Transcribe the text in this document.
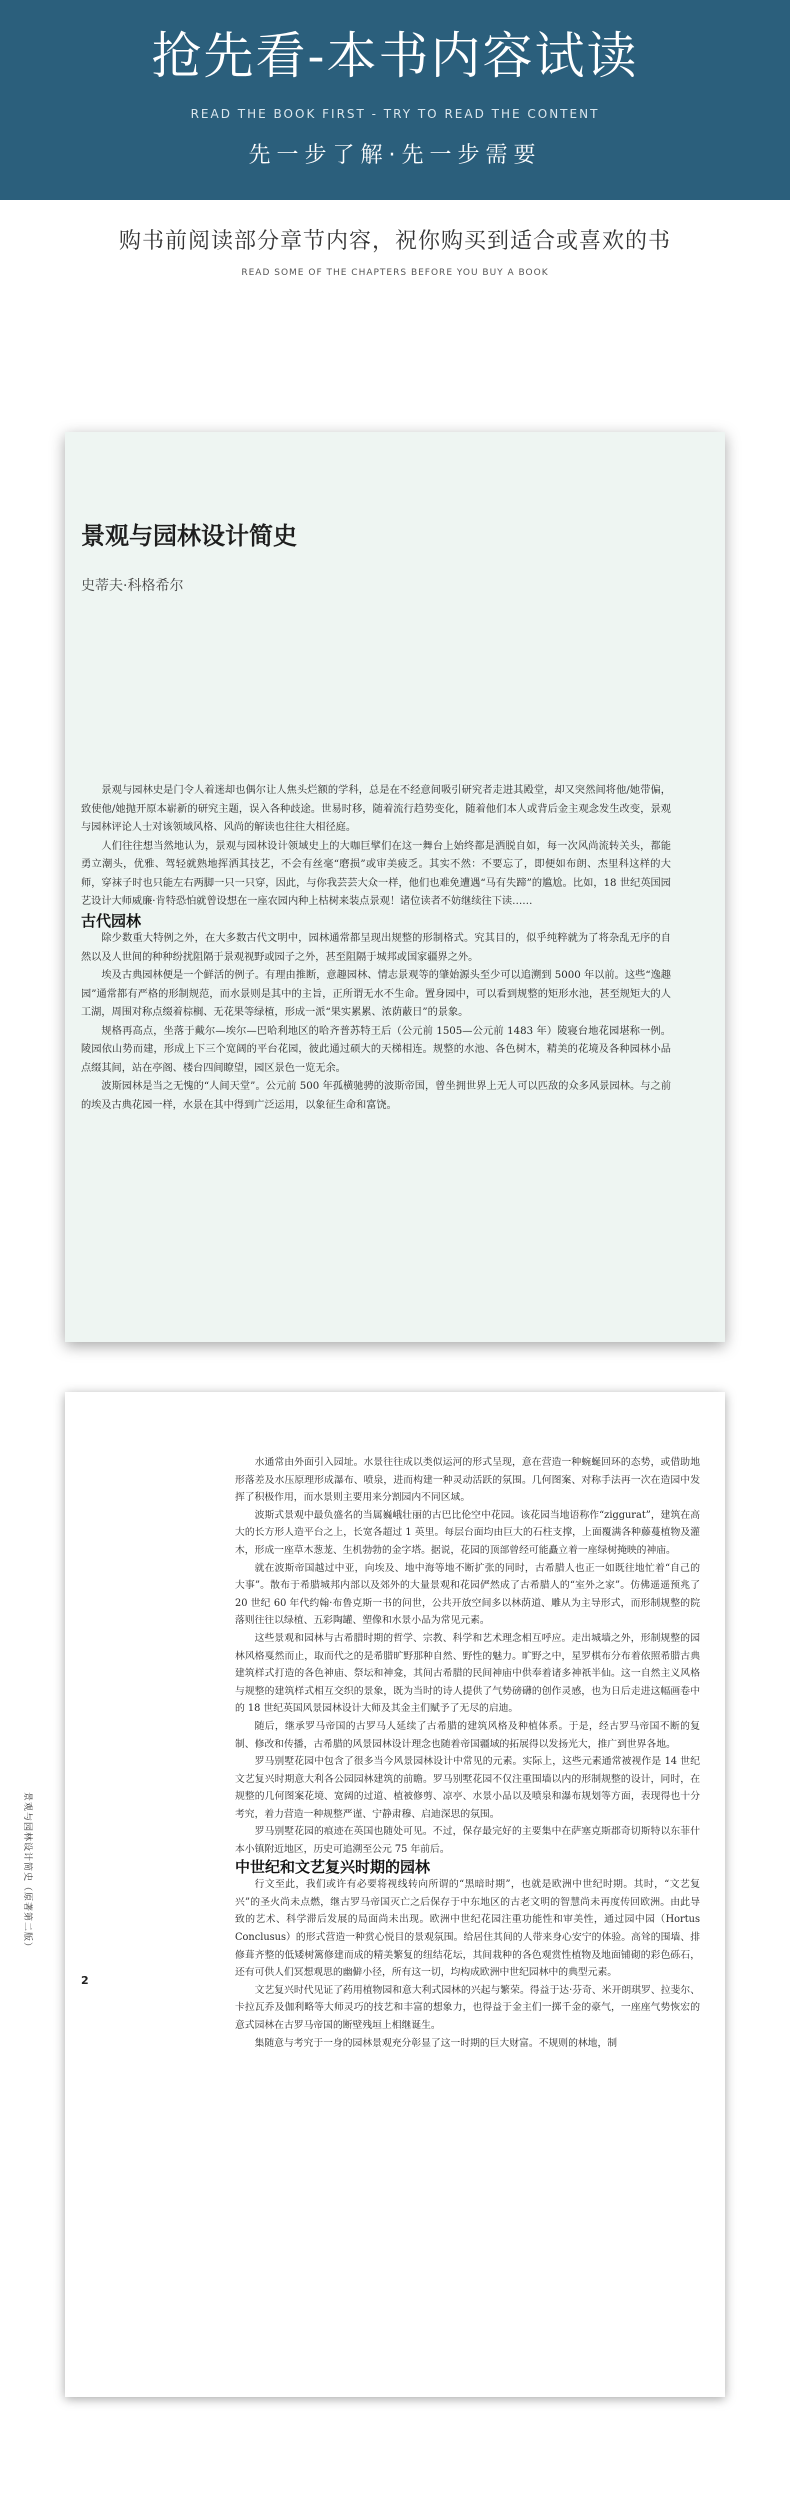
抢先看-本书内容试读
READ THE BOOK FIRST - TRY TO READ THE CONTENT
先一步了解·先一步需要
购书前阅读部分章节内容，祝你购买到适合或喜欢的书
READ SOME OF THE CHAPTERS BEFORE YOU BUY A BOOK
景观与园林设计简史
史蒂夫·科格希尔

景观与园林史是门令人着迷却也偶尔让人焦头烂额的学科，总是在不经意间吸引研究者走进其殿堂，却又突然间将他/她带偏，致使他/她抛开原本崭新的研究主题，误入各种歧途。世易时移，随着流行趋势变化，随着他们本人或背后金主观念发生改变，景观与园林评论人士对该领域风格、风尚的解读也往往大相径庭。

人们往往想当然地认为，景观与园林设计领域史上的大咖巨擘们在这一舞台上始终都是洒脱自如，每一次风尚流转关头，都能勇立潮头，优雅、驾轻就熟地挥洒其技艺，不会有丝毫“磨损”或审美疲乏。其实不然：不要忘了，即便如布朗、杰里科这样的大师，穿袜子时也只能左右两脚一只一只穿，因此，与你我芸芸大众一样，他们也难免遭遇“马有失蹄”的尴尬。比如，18 世纪英国园艺设计大师威廉·肯特恐怕就曾设想在一座农园内种上枯树来装点景观！诸位读者不妨继续往下读……

古代园林

除少数重大特例之外，在大多数古代文明中，园林通常都呈现出规整的形制格式。究其目的，似乎纯粹就为了将杂乱无序的自然以及人世间的种种纷扰阻隔于景观视野或园子之外，甚至阻隔于城邦或国家疆界之外。

埃及古典园林便是一个鲜活的例子。有理由推断，意趣园林、情志景观等的肇始源头至少可以追溯到 5000 年以前。这些“逸趣园”通常都有严格的形制规范，而水景则是其中的主旨，正所谓无水不生命。置身园中，可以看到规整的矩形水池，甚至规矩大的人工湖，周围对称点缀着棕榈、无花果等绿植，形成一派“果实累累、浓荫蔽日”的景象。

规格再高点，坐落于戴尔—埃尔—巴哈利地区的哈齐普苏特王后（公元前 1505—公元前 1483 年）陵寝台地花园堪称一例。陵园依山势而建，形成上下三个宽阔的平台花园，彼此通过硕大的天梯相连。规整的水池、各色树木，精美的花境及各种园林小品点缀其间，站在亭阁、楼台四间瞭望，园区景色一览无余。

波斯园林是当之无愧的“人间天堂”。公元前 500 年孤横驰骋的波斯帝国，曾坐拥世界上无人可以匹敌的众多风景园林。与之前的埃及古典花园一样，水景在其中得到广泛运用，以象征生命和富饶。

景观与园林设计简史（原著第二版）
2

水通常由外面引入园址。水景往往成以类似运河的形式呈现，意在营造一种蜿蜒回环的态势，或借助地形落差及水压原理形成瀑布、喷泉，进而构建一种灵动活跃的氛围。几何图案、对称手法再一次在造园中发挥了积极作用，而水景则主要用来分割园内不同区域。

波斯式景观中最负盛名的当属巍峨壮丽的古巴比伦空中花园。该花园当地语称作“ziggurat”，建筑在高大的长方形人造平台之上，长宽各超过 1 英里。每层台面均由巨大的石柱支撑，上面覆满各种藤蔓植物及灌木，形成一座草木葱茏、生机勃勃的金字塔。据说，花园的顶部曾经可能矗立着一座绿树掩映的神庙。

就在波斯帝国越过中亚，向埃及、地中海等地不断扩张的同时，古希腊人也正一如既往地忙着“自己的大事”。散布于希腊城邦内部以及郊外的大量景观和花园俨然成了古希腊人的“室外之家”。仿佛遥遥预兆了 20 世纪 60 年代约翰·布鲁克斯一书的问世，公共开放空间多以林荫道、雕从为主导形式，而形制规整的院落则往往以绿植、五彩陶罐、塑像和水景小品为常见元素。

这些景观和园林与古希腊时期的哲学、宗教、科学和艺术理念相互呼应。走出城墙之外，形制规整的园林风格戛然而止，取而代之的是希腊旷野那种自然、野性的魅力。旷野之中，星罗棋布分布着依照希腊古典建筑样式打造的各色神庙、祭坛和神龛，其间古希腊的民间神庙中供奉着诸多神祇半仙。这一自然主义风格与规整的建筑样式相互交织的景象，既为当时的诗人提供了气势磅礴的创作灵感，也为日后走进这幅画卷中的 18 世纪英国风景园林设计大师及其金主们赋予了无尽的启迪。

随后，继承罗马帝国的古罗马人延续了古希腊的建筑风格及种植体系。于是，经古罗马帝国不断的复制、修改和传播，古希腊的风景园林设计理念也随着帝国疆域的拓展得以发扬光大，推广到世界各地。

罗马别墅花园中包含了很多当今风景园林设计中常见的元素。实际上，这些元素通常被视作是 14 世纪文艺复兴时期意大利各公园园林建筑的前瞻。罗马别墅花园不仅注重围墙以内的形制规整的设计，同时，在规整的几何图案花境、宽阔的过道、植被修剪、凉亭、水景小品以及喷泉和瀑布规划等方面，表现得也十分考究，着力营造一种规整严谨、宁静肃穆、启迪深思的氛围。

罗马别墅花园的痕迹在英国也随处可见。不过，保存最完好的主要集中在萨塞克斯郡奇切斯特以东菲什本小镇附近地区，历史可追溯至公元 75 年前后。

中世纪和文艺复兴时期的园林

行文至此，我们或许有必要将视线转向所谓的“黑暗时期”，也就是欧洲中世纪时期。其时，“文艺复兴”的圣火尚未点燃，继古罗马帝国灭亡之后保存于中东地区的古老文明的智慧尚未再度传回欧洲。由此导致的艺术、科学滞后发展的局面尚未出现。欧洲中世纪花园注重功能性和审美性，通过园中园（Hortus Conclusus）的形式营造一种赏心悦目的景观氛围。给居住其间的人带来身心安宁的体验。高耸的围墙、排修葺齐整的低矮树篱修建而成的精美繁复的纽结花坛，其间栽种的各色观赏性植物及地面铺砌的彩色砾石，还有可供人们冥想观思的幽僻小径，所有这一切，均构成欧洲中世纪园林中的典型元素。

文艺复兴时代见证了药用植物园和意大利式园林的兴起与繁荣。得益于达·芬奇、米开朗琪罗、拉斐尔、卡拉瓦乔及伽利略等大师灵巧的技艺和丰富的想象力，也得益于金主们一掷千金的豪气，一座座气势恢宏的意式园林在古罗马帝国的断壁残垣上相继诞生。

集随意与考究于一身的园林景观充分彰显了这一时期的巨大财富。不规则的林地，制
